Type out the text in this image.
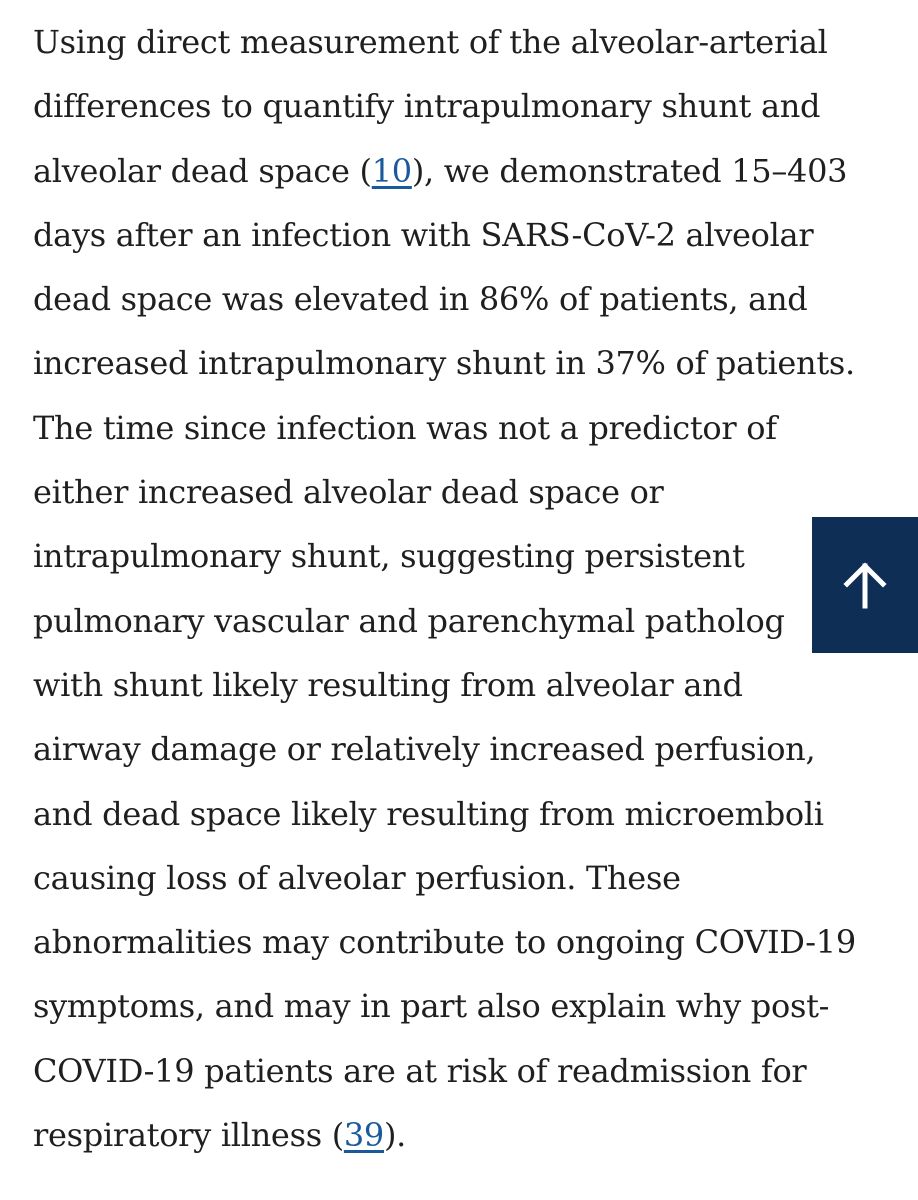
Using direct measurement of the alveolar-arterial
differences to quantify intrapulmonary shunt and
alveolar dead space (10), we demonstrated 15–403
days after an infection with SARS-CoV-2 alveolar
dead space was elevated in 86% of patients, and
increased intrapulmonary shunt in 37% of patients.
The time since infection was not a predictor of
either increased alveolar dead space or
intrapulmonary shunt, suggesting persistent
pulmonary vascular and parenchymal patholog
with shunt likely resulting from alveolar and
airway damage or relatively increased perfusion,
and dead space likely resulting from microemboli
causing loss of alveolar perfusion. These
abnormalities may contribute to ongoing COVID-19
symptoms, and may in part also explain why post-
COVID-19 patients are at risk of readmission for
respiratory illness (39).
